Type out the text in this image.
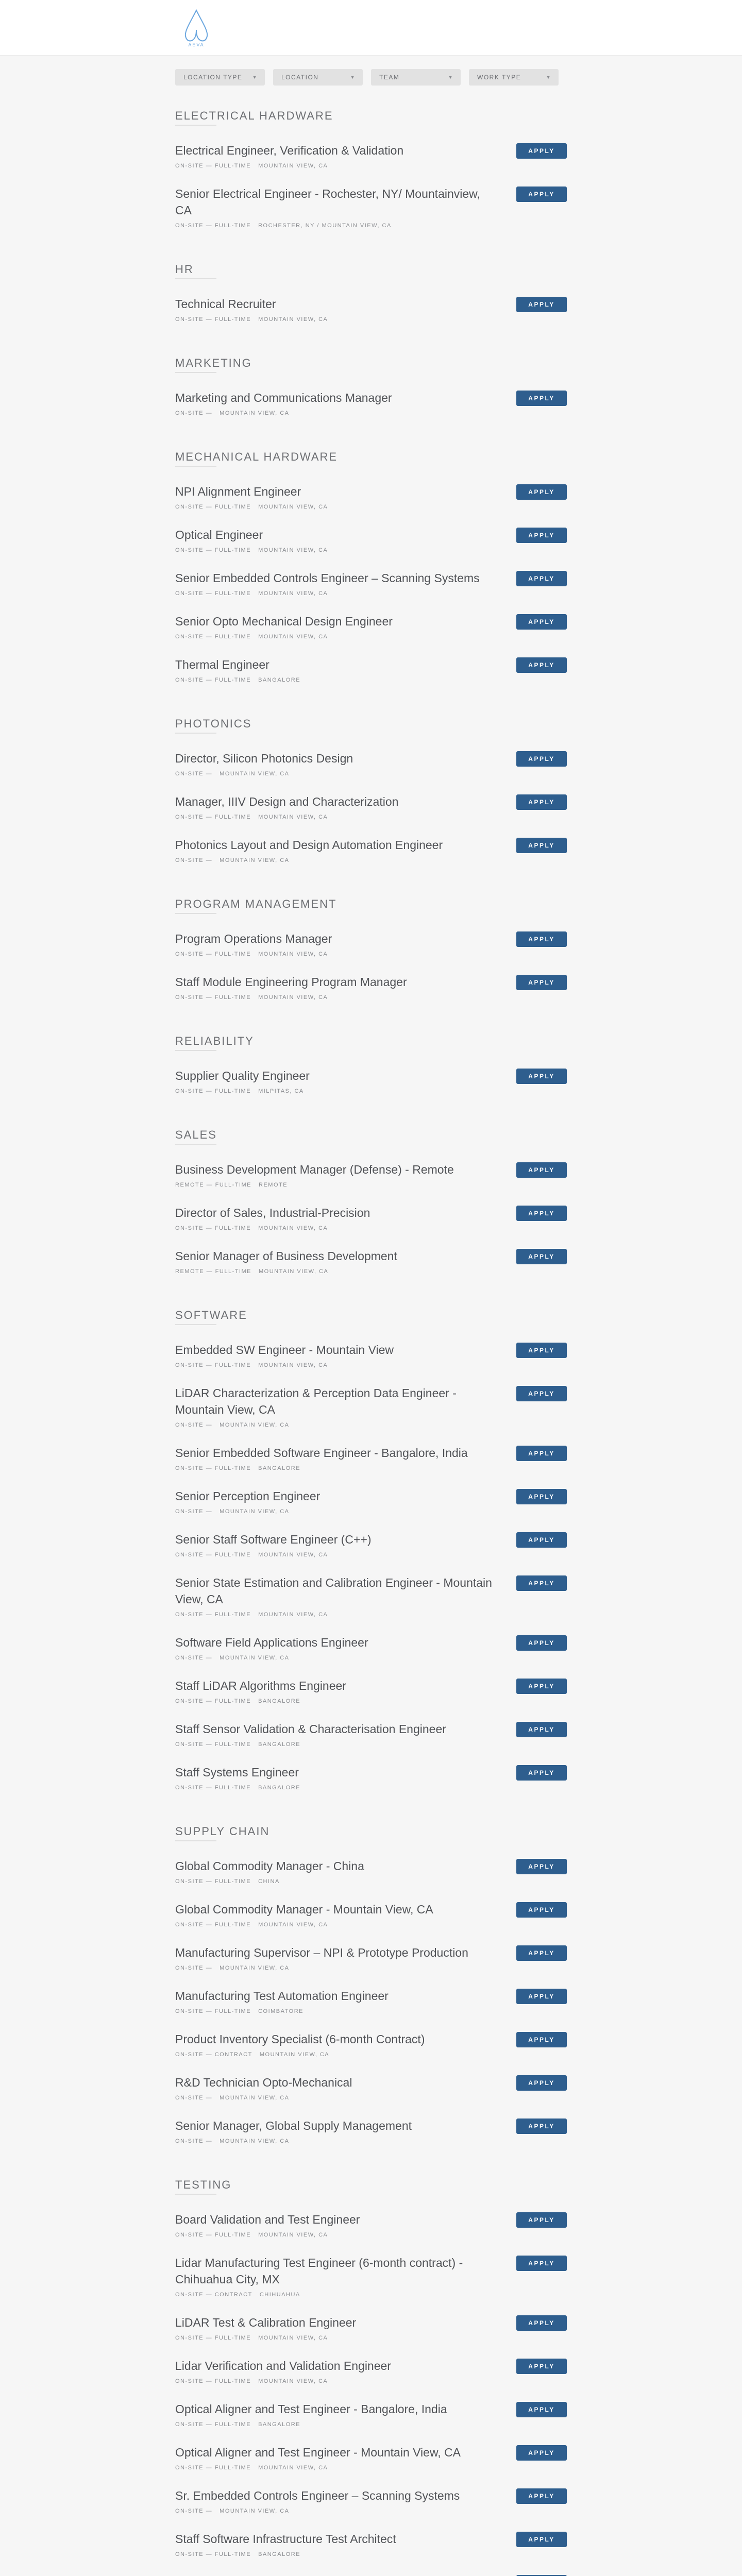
AEVA
LOCATION TYPE ▼	LOCATION	▼	TEAM	▼	WORK TYPE	▼
ELECTRICAL HARDWARE
Electrical Engineer, Verification & Validation
ON-SITE — FULL-TIME MOUNTAIN VIEW, CA
APPLY
Senior Electrical Engineer - Rochester, NY/ Mountainview, CA
ON-SITE — FULL-TIME ROCHESTER, NY / MOUNTAIN VIEW, CA
APPLY
HR
Technical Recruiter
ON-SITE — FULL-TIME MOUNTAIN VIEW, CA
APPLY
MARKETING
Marketing and Communications Manager
ON-SITE — MOUNTAIN VIEW, CA
APPLY
MECHANICAL HARDWARE
NPI Alignment Engineer
ON-SITE — FULL-TIME MOUNTAIN VIEW, CA
APPLY
Optical Engineer
ON-SITE — FULL-TIME MOUNTAIN VIEW, CA
APPLY
Senior Embedded Controls Engineer – Scanning Systems
ON-SITE — FULL-TIME MOUNTAIN VIEW, CA
APPLY
Senior Opto Mechanical Design Engineer
ON-SITE — FULL-TIME MOUNTAIN VIEW, CA
APPLY
Thermal Engineer
ON-SITE — FULL-TIME BANGALORE
APPLY
PHOTONICS
Director, Silicon Photonics Design
ON-SITE — MOUNTAIN VIEW, CA
APPLY
Manager, IIIV Design and Characterization
ON-SITE — FULL-TIME MOUNTAIN VIEW, CA
APPLY
Photonics Layout and Design Automation Engineer
ON-SITE — MOUNTAIN VIEW, CA
APPLY
PROGRAM MANAGEMENT
Program Operations Manager
ON-SITE — FULL-TIME MOUNTAIN VIEW, CA
APPLY
Staff Module Engineering Program Manager
ON-SITE — FULL-TIME MOUNTAIN VIEW, CA
APPLY
RELIABILITY
Supplier Quality Engineer
ON-SITE — FULL-TIME MILPITAS, CA
APPLY
SALES
Business Development Manager (Defense) - Remote
REMOTE — FULL-TIME REMOTE
APPLY
Director of Sales, Industrial-Precision
ON-SITE — FULL-TIME MOUNTAIN VIEW, CA
APPLY
Senior Manager of Business Development
REMOTE — FULL-TIME MOUNTAIN VIEW, CA
APPLY
SOFTWARE
Embedded SW Engineer - Mountain View
ON-SITE — FULL-TIME MOUNTAIN VIEW, CA
APPLY
LiDAR Characterization & Perception Data Engineer - Mountain View, CA
ON-SITE — MOUNTAIN VIEW, CA
APPLY
Senior Embedded Software Engineer - Bangalore, India
ON-SITE — FULL-TIME BANGALORE
APPLY
Senior Perception Engineer
ON-SITE — MOUNTAIN VIEW, CA
APPLY
Senior Staff Software Engineer (C++)
ON-SITE — FULL-TIME MOUNTAIN VIEW, CA
APPLY
Senior State Estimation and Calibration Engineer - Mountain View, CA
ON-SITE — FULL-TIME MOUNTAIN VIEW, CA
APPLY
Software Field Applications Engineer
ON-SITE — MOUNTAIN VIEW, CA
APPLY
Staff LiDAR Algorithms Engineer
ON-SITE — FULL-TIME BANGALORE
APPLY
Staff Sensor Validation & Characterisation Engineer
ON-SITE — FULL-TIME BANGALORE
APPLY
Staff Systems Engineer
ON-SITE — FULL-TIME BANGALORE
APPLY
SUPPLY CHAIN
Global Commodity Manager - China
ON-SITE — FULL-TIME CHINA
APPLY
Global Commodity Manager - Mountain View, CA
ON-SITE — FULL-TIME MOUNTAIN VIEW, CA
APPLY
Manufacturing Supervisor – NPI & Prototype Production
ON-SITE — MOUNTAIN VIEW, CA
APPLY
Manufacturing Test Automation Engineer
ON-SITE — FULL-TIME COIMBATORE
APPLY
Product Inventory Specialist (6-month Contract)
ON-SITE — CONTRACT MOUNTAIN VIEW, CA
APPLY
R&D Technician Opto-Mechanical
ON-SITE — MOUNTAIN VIEW, CA
APPLY
Senior Manager, Global Supply Management
ON-SITE — MOUNTAIN VIEW, CA
APPLY
TESTING
Board Validation and Test Engineer
ON-SITE — FULL-TIME MOUNTAIN VIEW, CA
APPLY
Lidar Manufacturing Test Engineer (6-month contract) - Chihuahua City, MX
ON-SITE — CONTRACT CHIHUAHUA
APPLY
LiDAR Test & Calibration Engineer
ON-SITE — FULL-TIME MOUNTAIN VIEW, CA
APPLY
Lidar Verification and Validation Engineer
ON-SITE — FULL-TIME MOUNTAIN VIEW, CA
APPLY
Optical Aligner and Test Engineer - Bangalore, India
ON-SITE — FULL-TIME BANGALORE
APPLY
Optical Aligner and Test Engineer - Mountain View, CA
ON-SITE — FULL-TIME MOUNTAIN VIEW, CA
APPLY
Sr. Embedded Controls Engineer – Scanning Systems
ON-SITE — MOUNTAIN VIEW, CA
APPLY
Staff Software Infrastructure Test Architect
ON-SITE — FULL-TIME BANGALORE
APPLY
